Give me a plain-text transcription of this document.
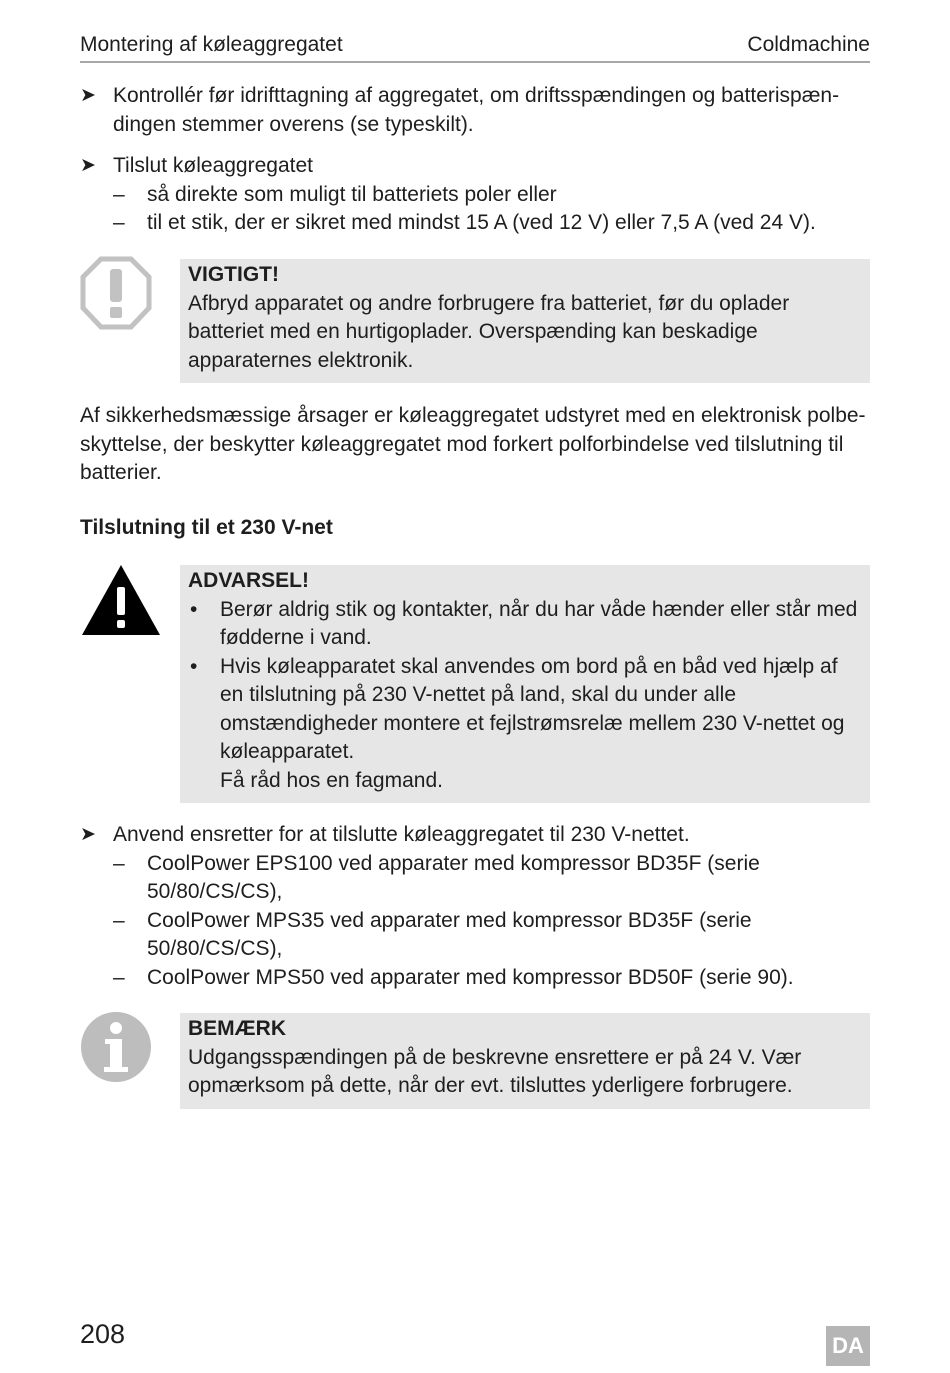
Montering af køleaggregatet	Coldmachine
➤ Kontrollér før idrifttagning af aggregatet, om driftsspændingen og batterispæn-dingen stemmer overens (se typeskilt).
➤ Tilslut køleaggregatet
– så direkte som muligt til batteriets poler eller
– til et stik, der er sikret med mindst 15 A (ved 12 V) eller 7,5 A (ved 24 V).
VIGTIGT!
Afbryd apparatet og andre forbrugere fra batteriet, før du oplader batteriet med en hurtigoplader. Overspænding kan beskadige apparaternes elektronik.
Af sikkerhedsmæssige årsager er køleaggregatet udstyret med en elektronisk polbe-skyttelse, der beskytter køleaggregatet mod forkert polforbindelse ved tilslutning til batterier.
Tilslutning til et 230 V-net
ADVARSEL!
• Berør aldrig stik og kontakter, når du har våde hænder eller står med fødderne i vand.
• Hvis køleapparatet skal anvendes om bord på en båd ved hjælp af en tilslutning på 230 V-nettet på land, skal du under alle omstændigheder montere et fejlstrømsrelæ mellem 230 V-nettet og køleapparatet.
Få råd hos en fagmand.
➤ Anvend ensretter for at tilslutte køleaggregatet til 230 V-nettet.
– CoolPower EPS100 ved apparater med kompressor BD35F (serie 50/80/CS/CS),
– CoolPower MPS35 ved apparater med kompressor BD35F (serie 50/80/CS/CS),
– CoolPower MPS50 ved apparater med kompressor BD50F (serie 90).
BEMÆRK
Udgangsspændingen på de beskrevne ensrettere er på 24 V. Vær opmærksom på dette, når der evt. tilsluttes yderligere forbrugere.
208	DA
